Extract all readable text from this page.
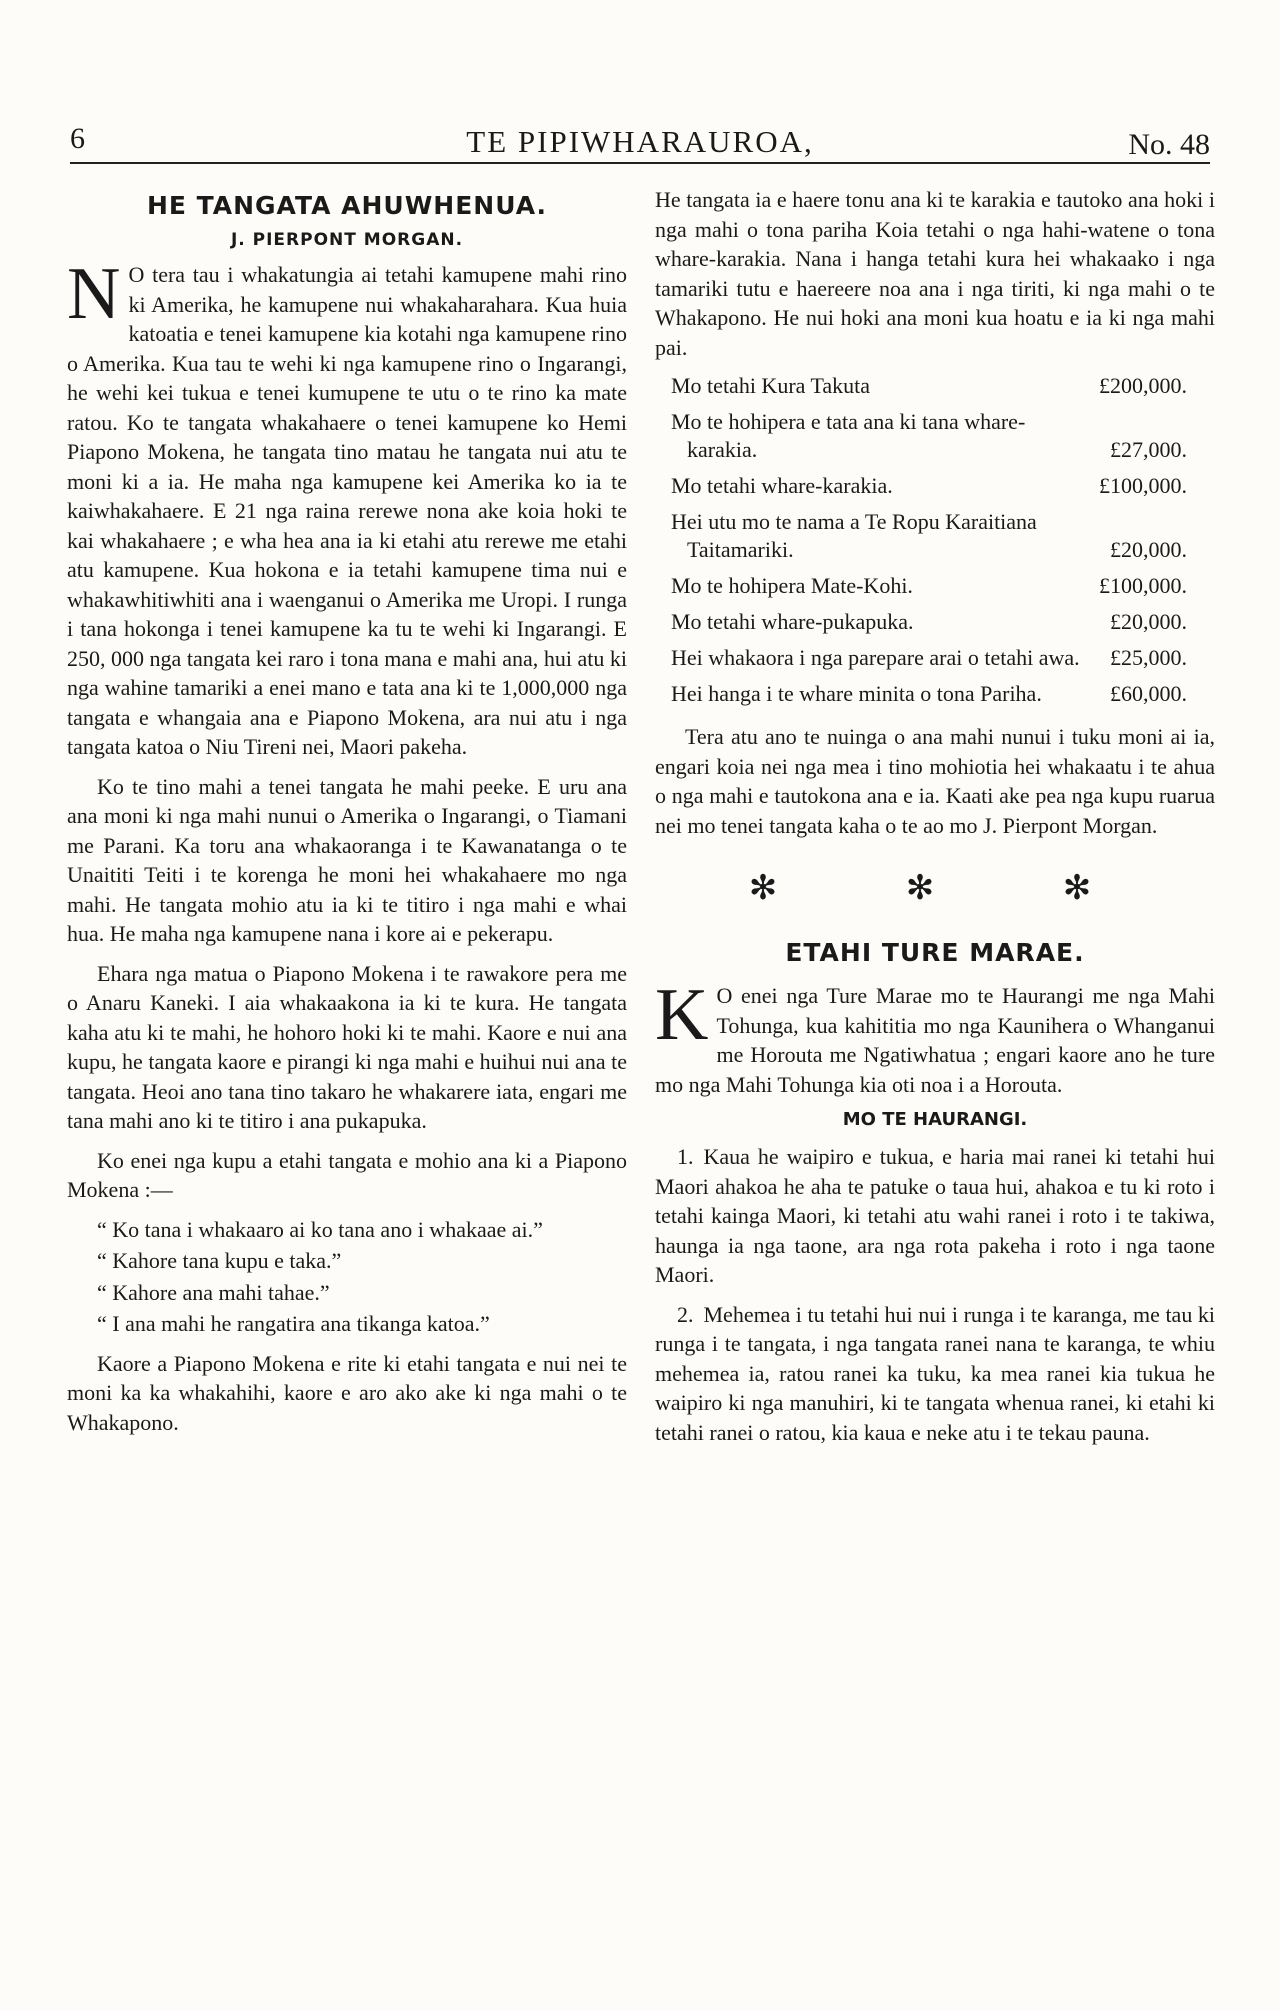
6	TE PIPIWHARAUROA,	No. 48
HE TANGATA AHUWHENUA.
J. PIERPONT MORGAN.

N O tera tau i whakatungia ai tetahi kamupene mahi rino ki Amerika, he kamupene nui whakaharahara. Kua huia katoatia e tenei kamupene kia kotahi nga kamupene rino o Amerika. Kua tau te wehi ki nga kamupene rino o Ingarangi, he wehi kei tukua e tenei kumupene te utu o te rino ka mate ratou. Ko te tangata whakahaere o tenei kamupene ko Hemi Piapono Mokena, he tangata tino matau he tangata nui atu te moni ki a ia. He maha nga kamupene kei Amerika ko ia te kaiwhakahaere. E 21 nga raina rerewe nona ake koia hoki te kai whakahaere ; e wha hea ana ia ki etahi atu rerewe me etahi atu kamupene. Kua hokona e ia tetahi kamupene tima nui e whakawhitiwhiti ana i waenganui o Amerika me Uropi. I runga i tana hokonga i tenei kamupene ka tu te wehi ki Ingarangi. E 250, 000 nga tangata kei raro i tona mana e mahi ana, hui atu ki nga wahine tamariki a enei mano e tata ana ki te 1,000,000 nga tangata e whangaia ana e Piapono Mokena, ara nui atu i nga tangata katoa o Niu Tireni nei, Maori pakeha.

Ko te tino mahi a tenei tangata he mahi peeke. E uru ana ana moni ki nga mahi nunui o Amerika o Ingarangi, o Tiamani me Parani. Ka toru ana whakaoranga i te Kawanatanga o te Unaititi Teiti i te korenga he moni hei whakahaere mo nga mahi. He tangata mohio atu ia ki te titiro i nga mahi e whai hua. He maha nga kamupene nana i kore ai e pekerapu.

Ehara nga matua o Piapono Mokena i te rawakore pera me o Anaru Kaneki. I aia whakaakona ia ki te kura. He tangata kaha atu ki te mahi, he hohoro hoki ki te mahi. Kaore e nui ana kupu, he tangata kaore e pirangi ki nga mahi e huihui nui ana te tangata. Heoi ano tana tino takaro he whakarere iata, engari me tana mahi ano ki te titiro i ana pukapuka.

Ko enei nga kupu a etahi tangata e mohio ana ki a Piapono Mokena :—

“ Ko tana i whakaaro ai ko tana ano i whakaae ai.”

“ Kahore tana kupu e taka.”

“ Kahore ana mahi tahae.”

“ I ana mahi he rangatira ana tikanga katoa.”

Kaore a Piapono Mokena e rite ki etahi tangata e nui nei te moni ka ka whakahihi, kaore e aro ako ake ki nga mahi o te Whakapono.

He tangata ia e haere tonu ana ki te karakia e tautoko ana hoki i nga mahi o tona pariha Koia tetahi o nga hahi-watene o tona whare-karakia. Nana i hanga tetahi kura hei whakaako i nga tamariki tutu e haereere noa ana i nga tiriti, ki nga mahi o te Whakapono. He nui hoki ana moni kua hoatu e ia ki nga mahi pai.

Mo tetahi Kura Takuta	£200,000.
Mo te hohipera e tata ana ki tana whare-karakia.	£27,000.
Mo tetahi whare-karakia.	£100,000.
Hei utu mo te nama a Te Ropu Karaitiana Taitamariki.	£20,000.
Mo te hohipera Mate-Kohi.	£100,000.
Mo tetahi whare-pukapuka.	£20,000.
Hei whakaora i nga parepare arai o tetahi awa.	£25,000.
Hei hanga i te whare minita o tona Pariha.	£60,000.

Tera atu ano te nuinga o ana mahi nunui i tuku moni ai ia, engari koia nei nga mea i tino mohiotia hei whakaatu i te ahua o nga mahi e tautokona ana e ia. Kaati ake pea nga kupu ruarua nei mo tenei tangata kaha o te ao mo J. Pierpont Morgan.

✻ ✻ ✻
ETAHI TURE MARAE.

K O enei nga Ture Marae mo te Haurangi me nga Mahi Tohunga, kua kahititia mo nga Kaunihera o Whanganui me Horouta me Ngatiwhatua ; engari kaore ano he ture mo nga Mahi Tohunga kia oti noa i a Horouta.

MO TE HAURANGI.

1. Kaua he waipiro e tukua, e haria mai ranei ki tetahi hui Maori ahakoa he aha te patuke o taua hui, ahakoa e tu ki roto i tetahi kainga Maori, ki tetahi atu wahi ranei i roto i te takiwa, haunga ia nga taone, ara nga rota pakeha i roto i nga taone Maori.

2. Mehemea i tu tetahi hui nui i runga i te karanga, me tau ki runga i te tangata, i nga tangata ranei nana te karanga, te whiu mehemea ia, ratou ranei ka tuku, ka mea ranei kia tukua he waipiro ki nga manuhiri, ki te tangata whenua ranei, ki etahi ki tetahi ranei o ratou, kia kaua e neke atu i te tekau pauna.
